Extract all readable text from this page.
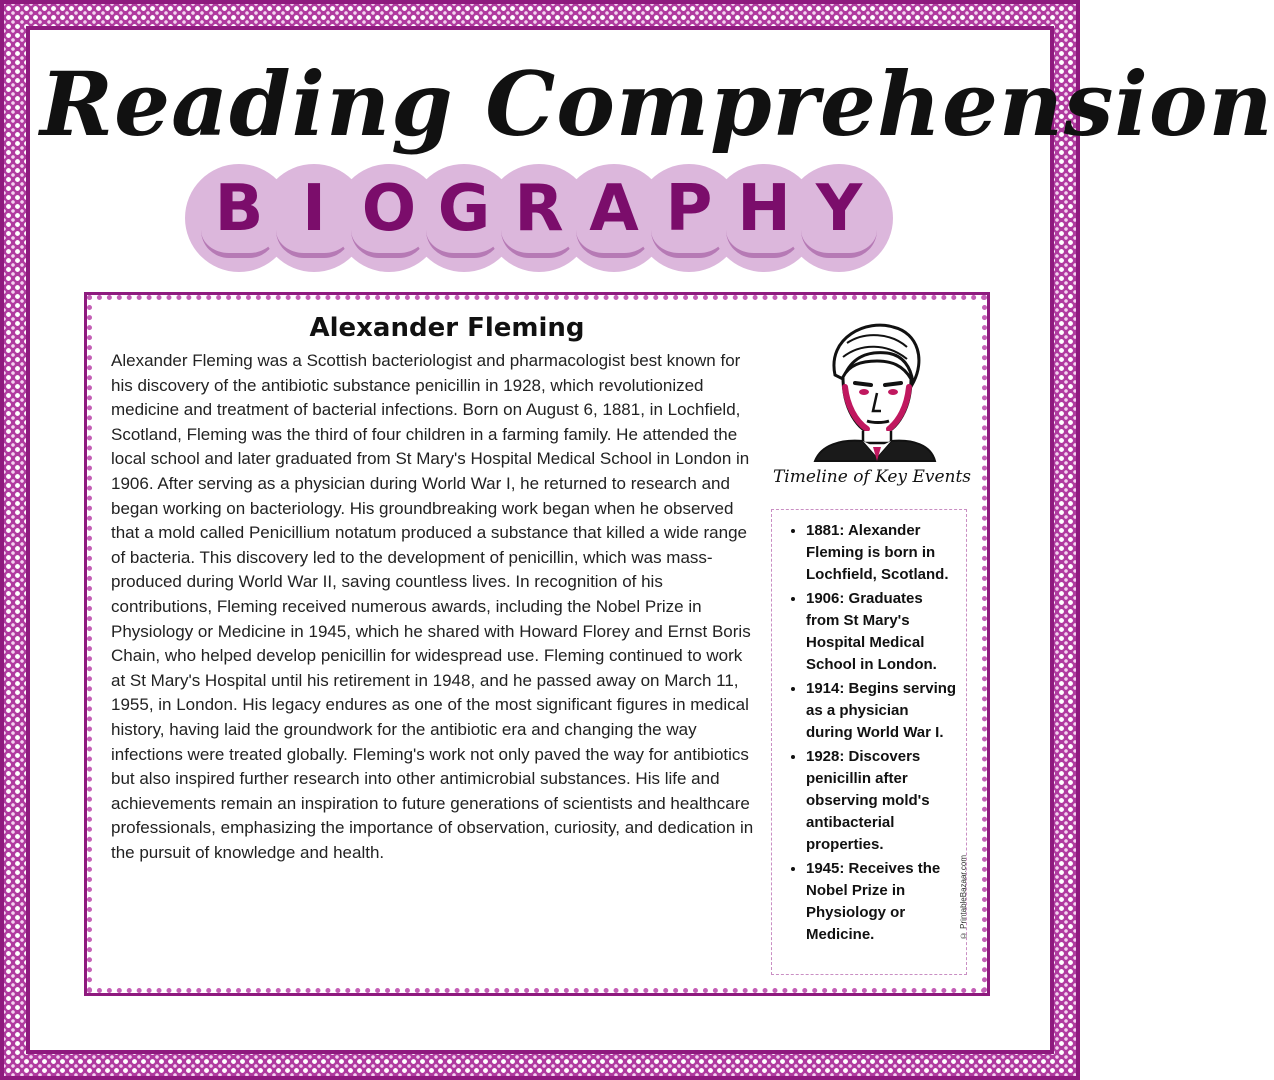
Reading Comprehension
B I O G R A P H Y
Alexander Fleming
Alexander Fleming was a Scottish bacteriologist and pharmacologist best known for his discovery of the antibiotic substance penicillin in 1928, which revolutionized medicine and treatment of bacterial infections. Born on August 6, 1881, in Lochfield, Scotland, Fleming was the third of four children in a farming family. He attended the local school and later graduated from St Mary's Hospital Medical School in London in 1906. After serving as a physician during World War I, he returned to research and began working on bacteriology. His groundbreaking work began when he observed that a mold called Penicillium notatum produced a substance that killed a wide range of bacteria. This discovery led to the development of penicillin, which was mass-produced during World War II, saving countless lives. In recognition of his contributions, Fleming received numerous awards, including the Nobel Prize in Physiology or Medicine in 1945, which he shared with Howard Florey and Ernst Boris Chain, who helped develop penicillin for widespread use. Fleming continued to work at St Mary's Hospital until his retirement in 1948, and he passed away on March 11, 1955, in London. His legacy endures as one of the most significant figures in medical history, having laid the groundwork for the antibiotic era and changing the way infections were treated globally. Fleming's work not only paved the way for antibiotics but also inspired further research into other antimicrobial substances. His life and achievements remain an inspiration to future generations of scientists and healthcare professionals, emphasizing the importance of observation, curiosity, and dedication in the pursuit of knowledge and health.
Timeline of Key Events
• 1881: Alexander Fleming is born in Lochfield, Scotland.
• 1906: Graduates from St Mary's Hospital Medical School in London.
• 1914: Begins serving as a physician during World War I.
• 1928: Discovers penicillin after observing mold's antibacterial properties.
• 1945: Receives the Nobel Prize in Physiology or Medicine.	© PrintableBazaar.com
